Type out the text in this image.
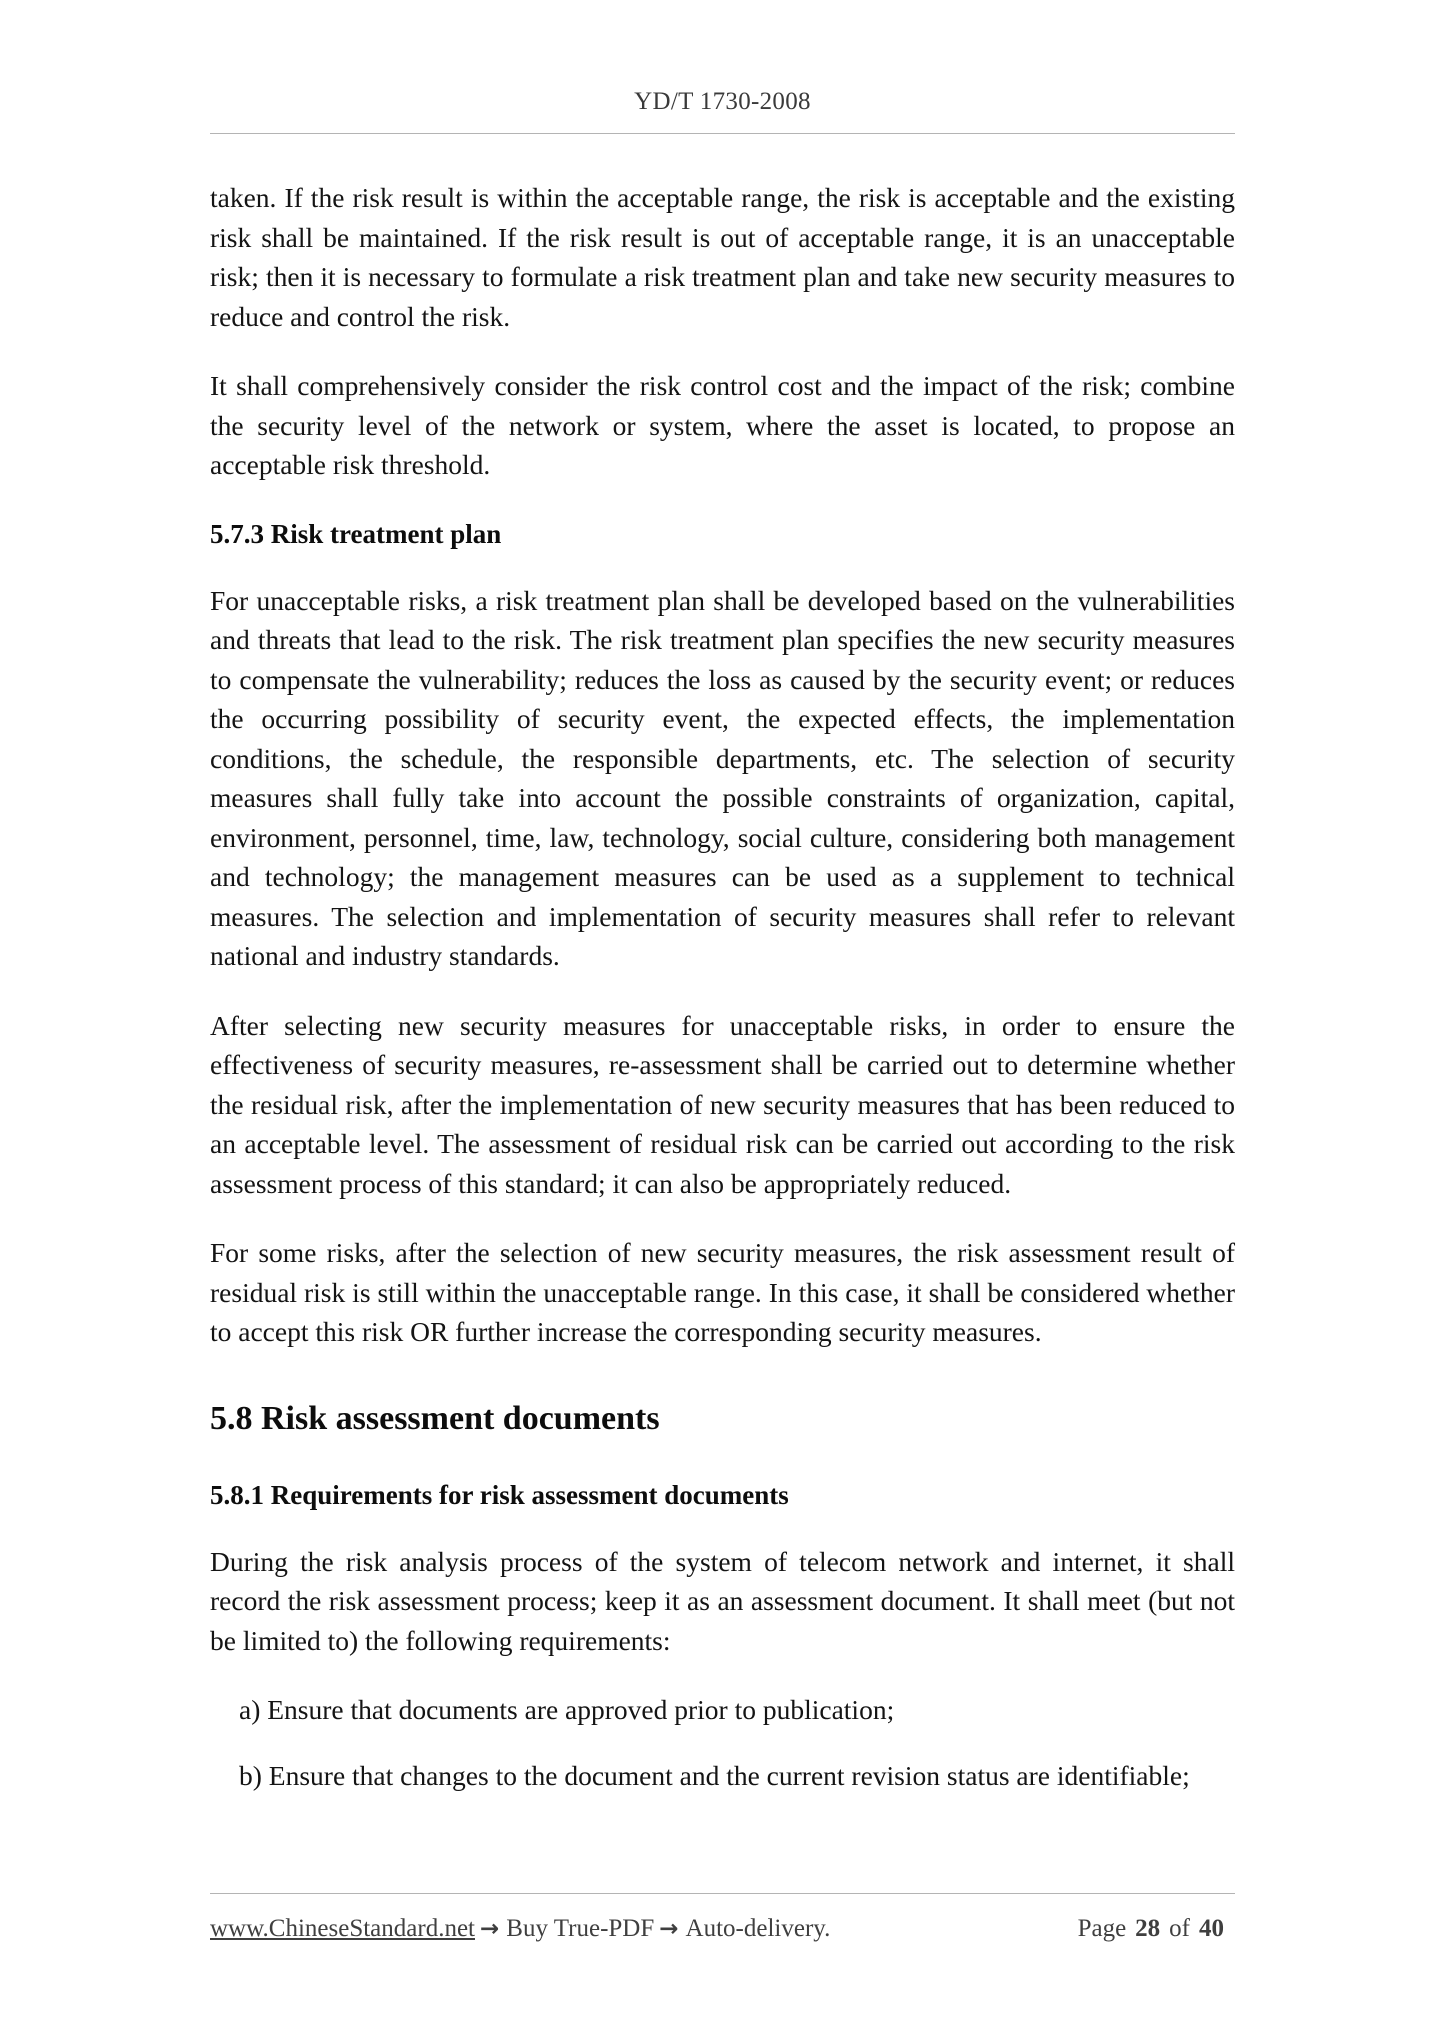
YD/T 1730-2008

taken. If the risk result is within the acceptable range, the risk is acceptable and the existing risk shall be maintained. If the risk result is out of acceptable range, it is an unacceptable risk; then it is necessary to formulate a risk treatment plan and take new security measures to reduce and control the risk.

It shall comprehensively consider the risk control cost and the impact of the risk; combine the security level of the network or system, where the asset is located, to propose an acceptable risk threshold.

5.7.3 Risk treatment plan

For unacceptable risks, a risk treatment plan shall be developed based on the vulnerabilities and threats that lead to the risk. The risk treatment plan specifies the new security measures to compensate the vulnerability; reduces the loss as caused by the security event; or reduces the occurring possibility of security event, the expected effects, the implementation conditions, the schedule, the responsible departments, etc. The selection of security measures shall fully take into account the possible constraints of organization, capital, environment, personnel, time, law, technology, social culture, considering both management and technology; the management measures can be used as a supplement to technical measures. The selection and implementation of security measures shall refer to relevant national and industry standards.

After selecting new security measures for unacceptable risks, in order to ensure the effectiveness of security measures, re-assessment shall be carried out to determine whether the residual risk, after the implementation of new security measures that has been reduced to an acceptable level. The assessment of residual risk can be carried out according to the risk assessment process of this standard; it can also be appropriately reduced.

For some risks, after the selection of new security measures, the risk assessment result of residual risk is still within the unacceptable range. In this case, it shall be considered whether to accept this risk OR further increase the corresponding security measures.

5.8 Risk assessment documents
5.8.1 Requirements for risk assessment documents

During the risk analysis process of the system of telecom network and internet, it shall record the risk assessment process; keep it as an assessment document. It shall meet (but not be limited to) the following requirements:

a) Ensure that documents are approved prior to publication;
b) Ensure that changes to the document and the current revision status are identifiable;
www.ChineseStandard.net → Buy True-PDF → Auto-delivery.	Page 28 of 40
